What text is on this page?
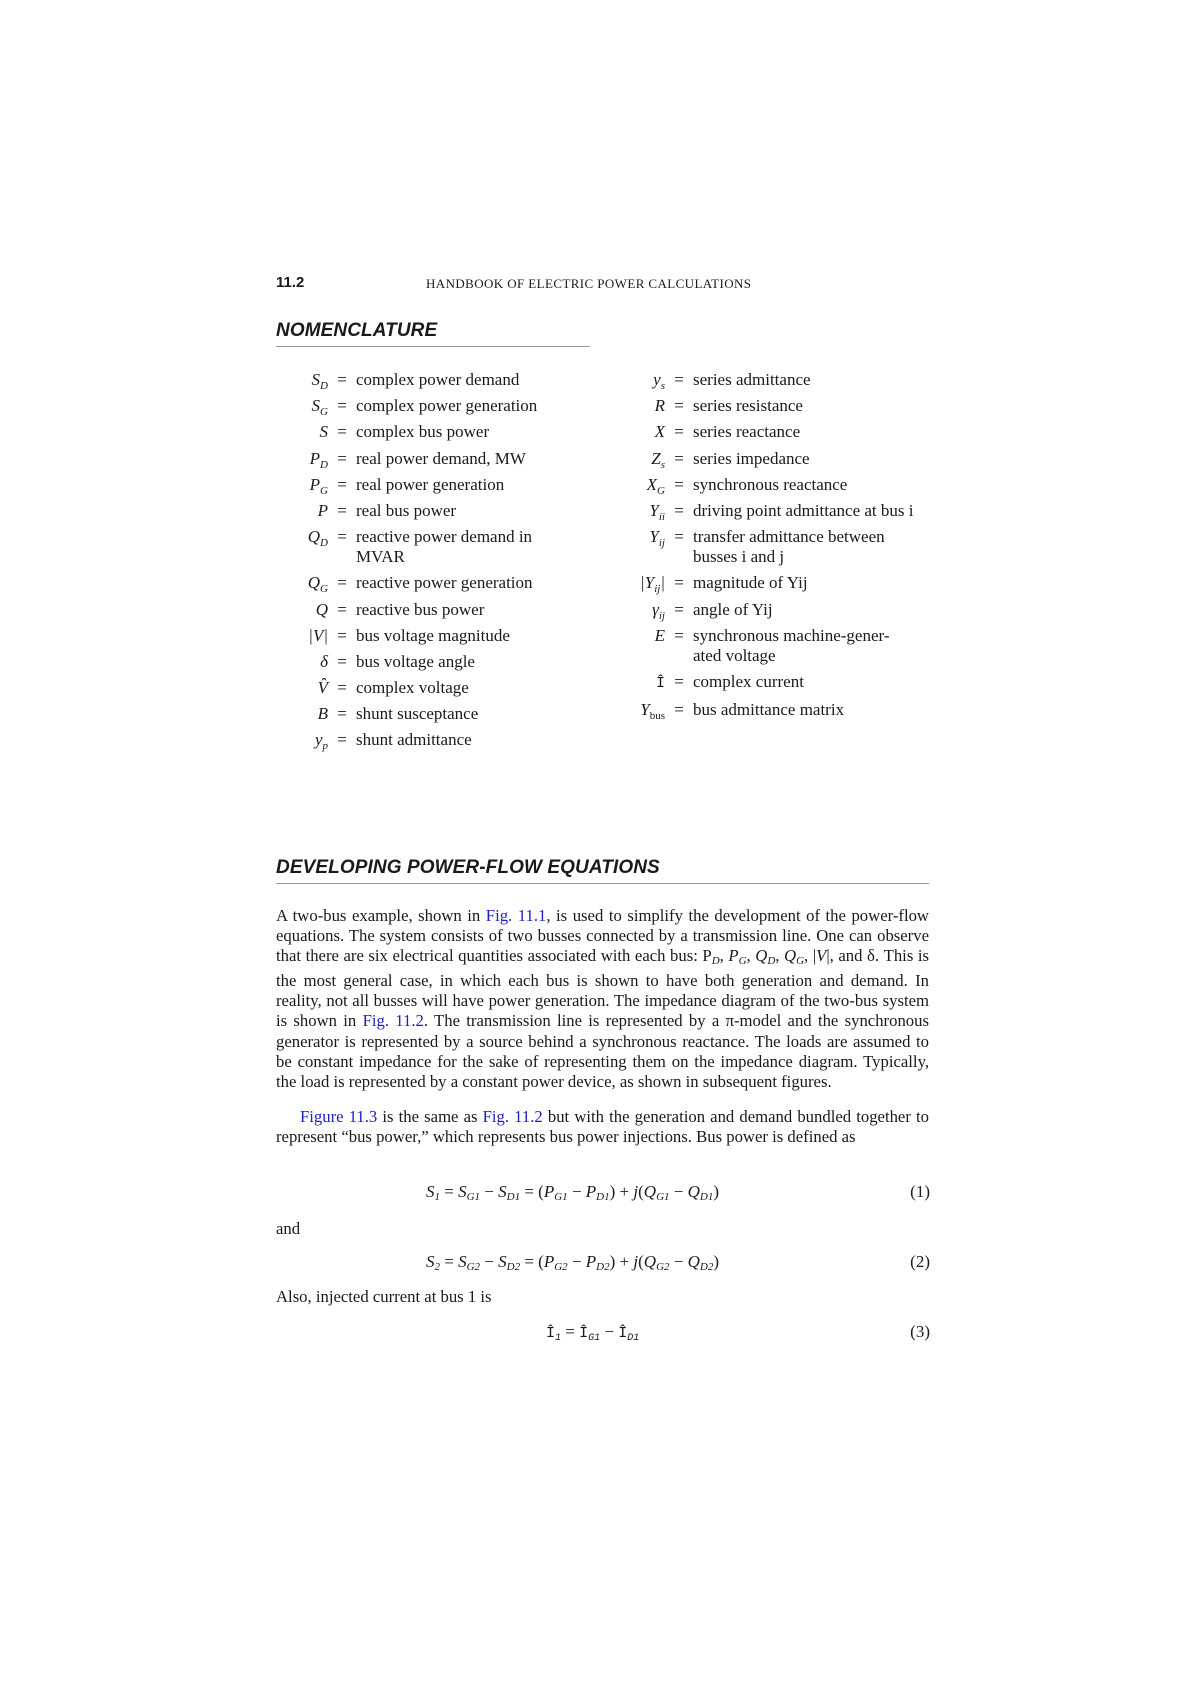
11.2	HANDBOOK OF ELECTRIC POWER CALCULATIONS
NOMENCLATURE
$S_D$ = complex power demand
$S_G$ = complex power generation
S = complex bus power
$P_D$ = real power demand, MW
$P_G$ = real power generation
P = real bus power
$Q_D$ = reactive power demand in
MVAR
$Q_G$ = reactive power generation
Q = reactive bus power
|V| = bus voltage magnitude
δ = bus voltage angle
V̂ = complex voltage
B = shunt susceptance
$y_p$ = shunt admittance
$y_s$ = series admittance
R = series resistance
X = series reactance
$Z_s$ = series impedance
$X_G$ = synchronous reactance
$Y_{ii}$ = driving point admittance at bus i
$Y_{ij}$ = transfer admittance between
busses i and j
$|Y_{ij}|$ = magnitude of Yij
$\gamma_{ij}$ = angle of Yij
E = synchronous machine-gener-
ated voltage
Î = complex current
$Y_{bus}$ = bus admittance matrix
DEVELOPING POWER-FLOW EQUATIONS
A two-bus example, shown in Fig. 11.1, is used to simplify the development of the power-flow equations. The system consists of two busses connected by a transmission line. One can observe that there are six electrical quantities associated with each bus: PD, PG, QD, QG, |V|, and δ. This is the most general case, in which each bus is shown to have both generation and demand. In reality, not all busses will have power generation. The impedance diagram of the two-bus system is shown in Fig. 11.2. The transmission line is represented by a π-model and the synchronous generator is represented by a source behind a synchronous reactance. The loads are assumed to be constant impedance for the sake of representing them on the impedance diagram. Typically, the load is represented by a constant power device, as shown in subsequent figures.
Figure 11.3 is the same as Fig. 11.2 but with the generation and demand bundled together to represent “bus power,” which represents bus power injections. Bus power is defined as
$S_1 = S_{G1} - S_{D1} = (P_{G1} - P_{D1}) + j(Q_{G1} - Q_{D1})$	(1)
and
$S_2 = S_{G2} - S_{D2} = (P_{G2} - P_{D2}) + j(Q_{G2} - Q_{D2})$	(2)
Also, injected current at bus 1 is
$Î_1$ = $Î_{G1}$ − $Î_{D1}$	(3)
